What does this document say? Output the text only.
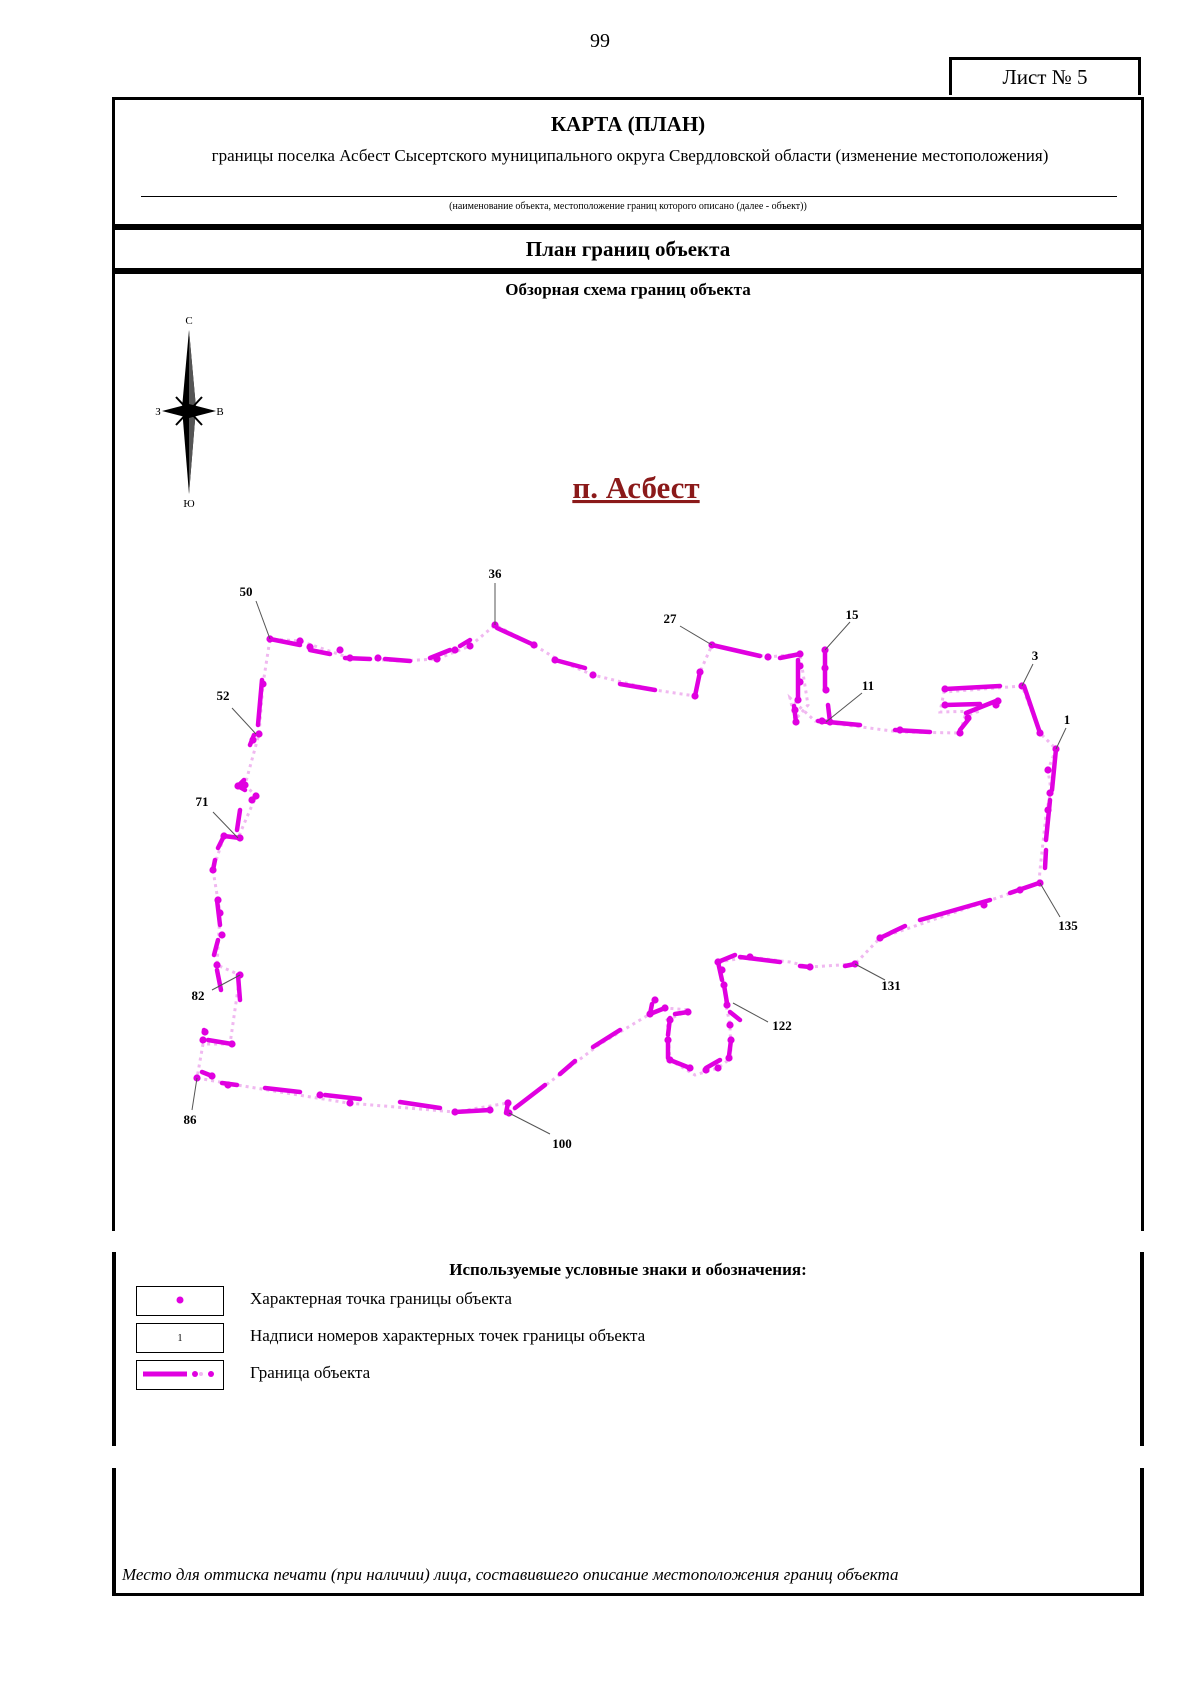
99
Лист № 5
КАРТА (ПЛАН)
границы поселка Асбест Сысертского муниципального округа Свердловской области (изменение местоположения)
(наименование объекта, местоположение границ которого описано (далее - объект))
План границ объекта
Обзорная схема границ объекта
С
Ю
З	В
п. Асбест
1
3
11
15
27
36
50
52
71
82
86
100
122
131
135
Используемые условные знаки и обозначения:
Характерная точка границы объекта
1	Надписи номеров характерных точек границы объекта
Граница объекта
Место для оттиска печати (при наличии) лица, составившего описание местоположения границ объекта
